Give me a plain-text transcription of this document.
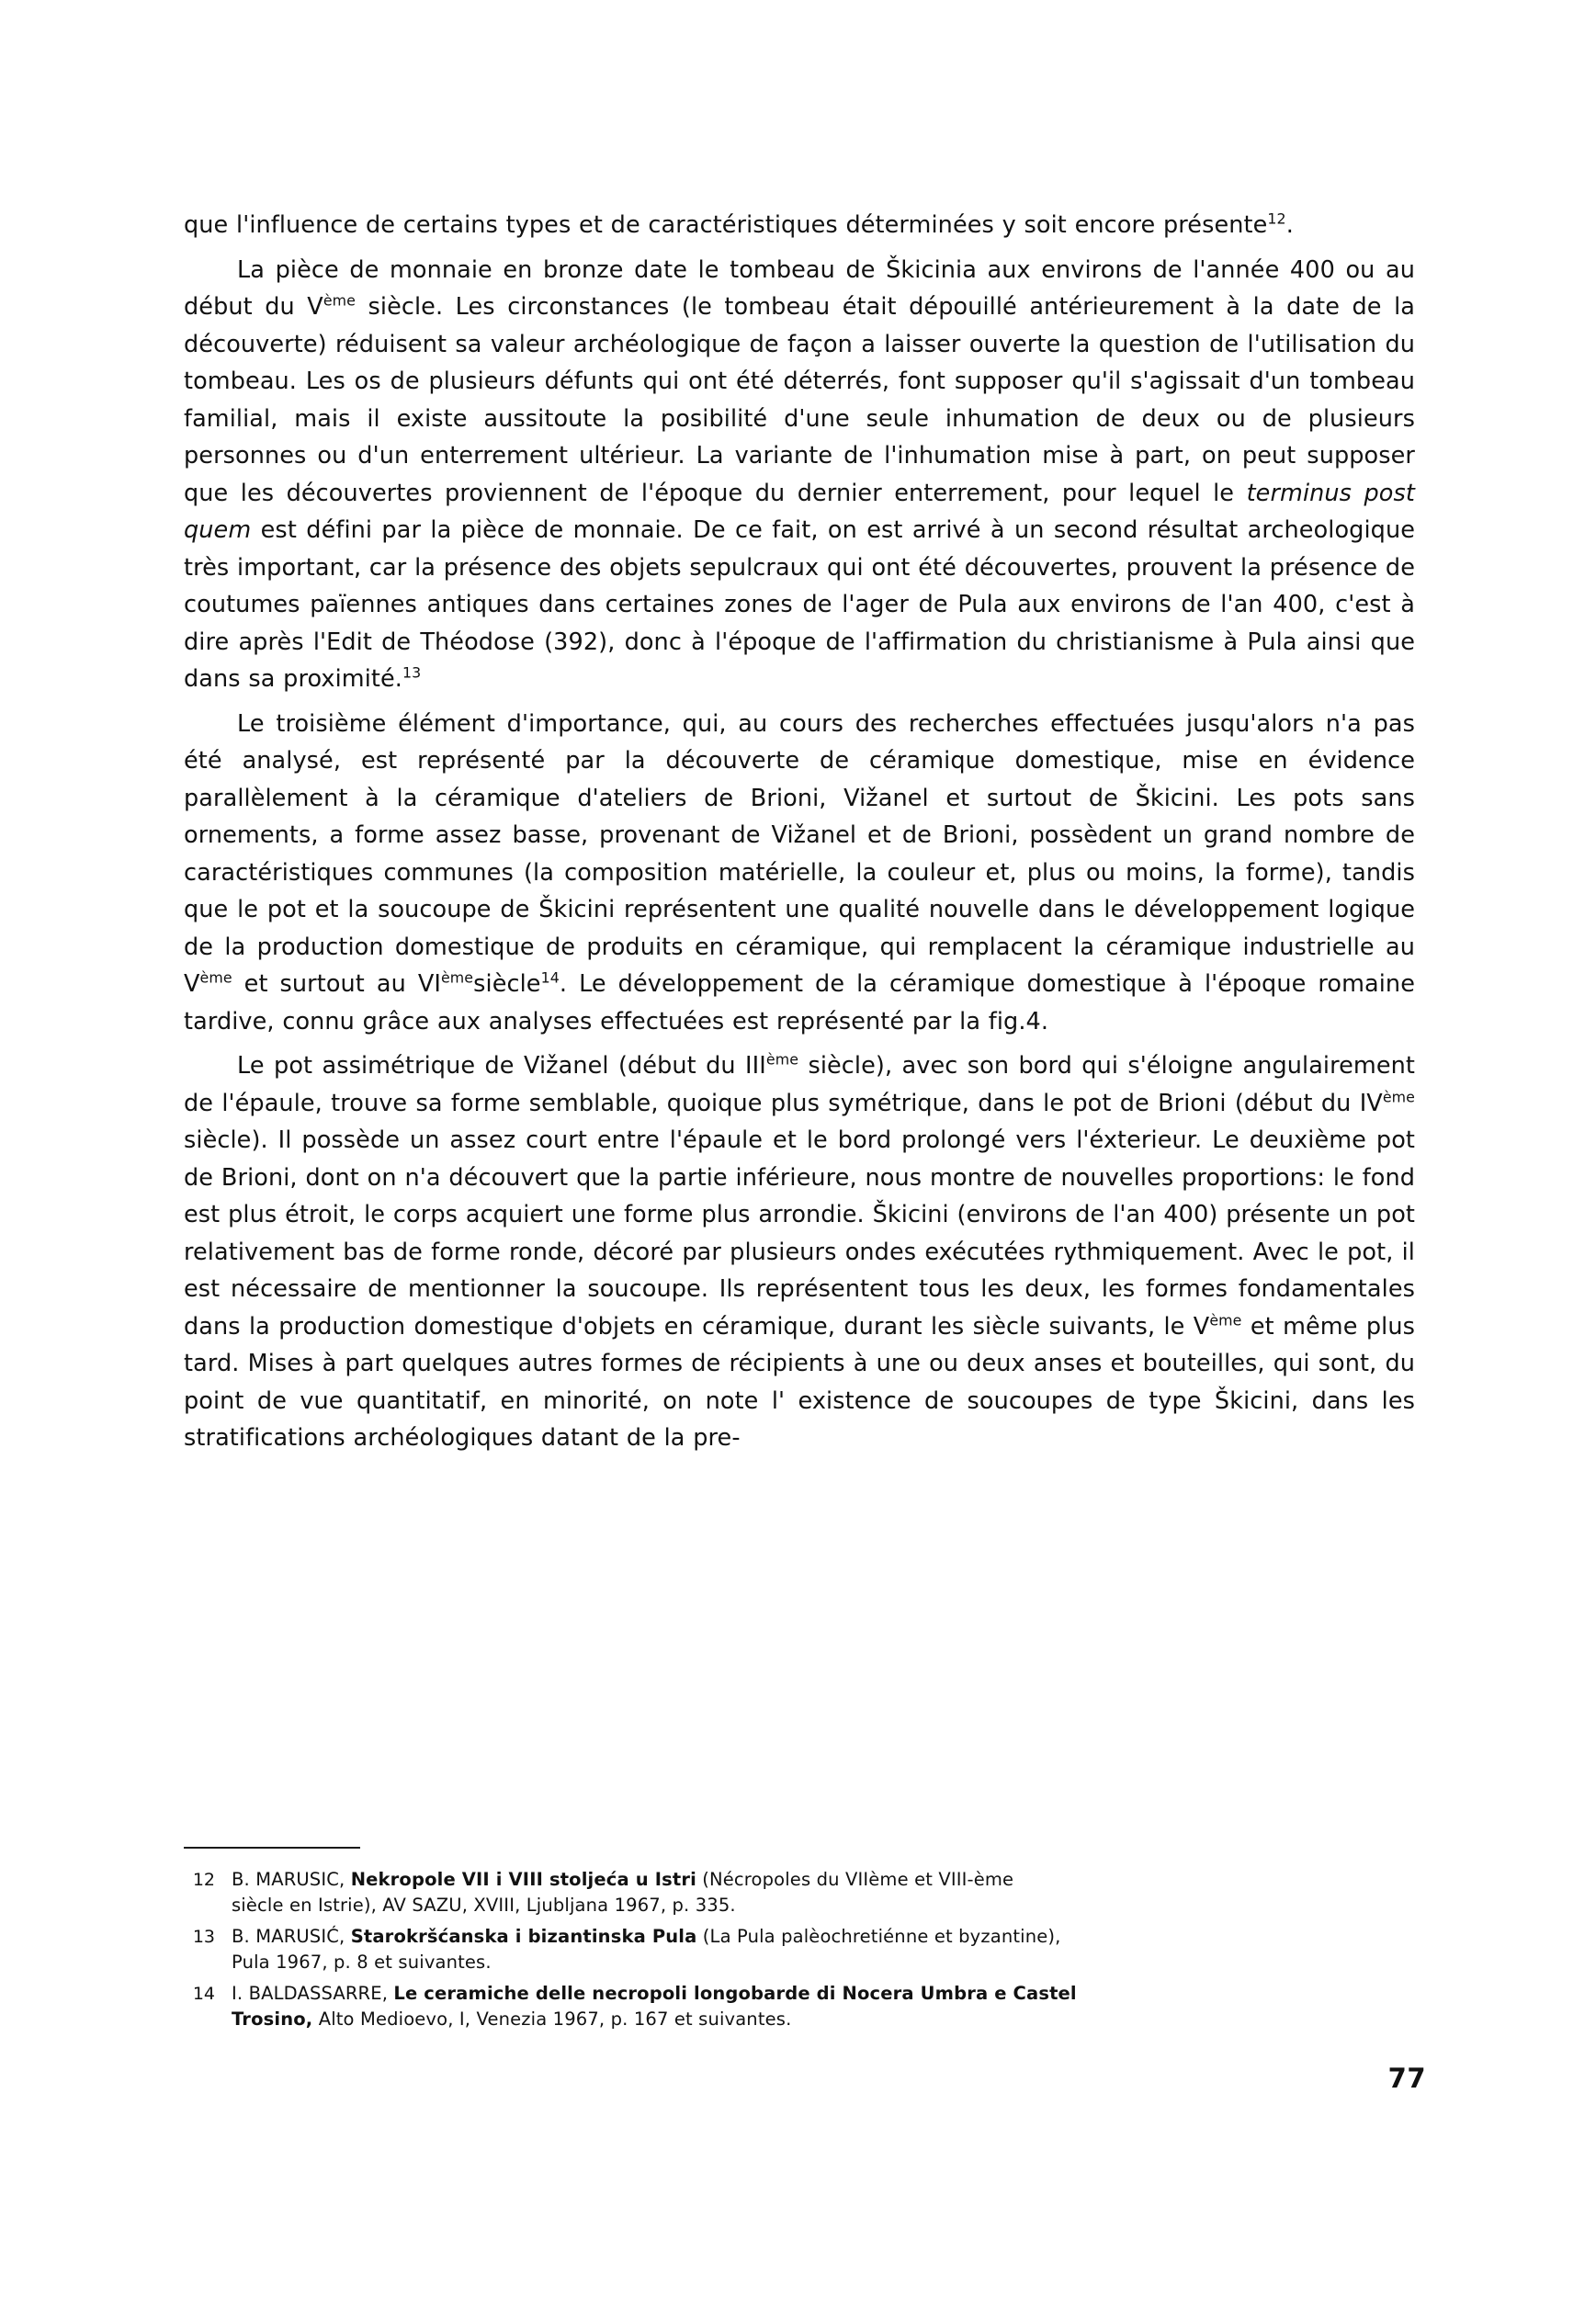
que l'influence de certains types et de caractéristiques déterminées y soit encore présente$^{12}$.

La pièce de monnaie en bronze date le tombeau de Škicinia aux environs de l'année 400 ou au début du Vème siècle. Les circonstances (le tombeau était dépouillé antérieurement à la date de la découverte) réduisent sa valeur archéologique de façon a laisser ouverte la question de l'utilisation du tombeau. Les os de plusieurs défunts qui ont été déterrés, font supposer qu'il s'agissait d'un tombeau familial, mais il existe aussitoute la posibilité d'une seule inhumation de deux ou de plusieurs personnes ou d'un enterrement ultérieur. La variante de l'inhumation mise à part, on peut supposer que les découvertes proviennent de l'époque du dernier enterrement, pour lequel le terminus post quem est défini par la pièce de monnaie. De ce fait, on est arrivé à un second résultat archeologique très important, car la présence des objets sepulcraux qui ont été découvertes, prouvent la présence de coutumes païennes antiques dans certaines zones de l'ager de Pula aux environs de l'an 400, c'est à dire après l'Edit de Théodose (392), donc à l'époque de l'affirmation du christianisme à Pula ainsi que dans sa proximité.$^{13}$

Le troisième élément d'importance, qui, au cours des recherches effectuées jusqu'alors n'a pas été analysé, est représenté par la découverte de céramique domestique, mise en évidence parallèlement à la céramique d'ateliers de Brioni, Vižanel et surtout de Škicini. Les pots sans ornements, a forme assez basse, provenant de Vižanel et de Brioni, possèdent un grand nombre de caractéristiques communes (la composition matérielle, la couleur et, plus ou moins, la forme), tandis que le pot et la soucoupe de Škicini représentent une qualité nouvelle dans le développement logique de la production domestique de produits en céramique, qui remplacent la céramique industrielle au Vème et surtout au VIèmesiècle$^{14}$. Le développement de la céramique domestique à l'époque romaine tardive, connu grâce aux analyses effectuées est représenté par la fig.4.

Le pot assimétrique de Vižanel (début du IIIème siècle), avec son bord qui s'éloigne angulairement de l'épaule, trouve sa forme semblable, quoique plus symétrique, dans le pot de Brioni (début du IVème siècle). Il possède un assez court entre l'épaule et le bord prolongé vers l'éxterieur. Le deuxième pot de Brioni, dont on n'a découvert que la partie inférieure, nous montre de nouvelles proportions: le fond est plus étroit, le corps acquiert une forme plus arrondie. Škicini (environs de l'an 400) présente un pot relativement bas de forme ronde, décoré par plusieurs ondes exécutées rythmiquement. Avec le pot, il est nécessaire de mentionner la soucoupe. Ils représentent tous les deux, les formes fondamentales dans la production domestique d'objets en céramique, durant les siècle suivants, le Vème et même plus tard. Mises à part quelques autres formes de récipients à une ou deux anses et bouteilles, qui sont, du point de vue quantitatif, en minorité, on note l' existence de soucoupes de type Škicini, dans les stratifications archéologiques datant de la pre-

12 B. MARUSIC, Nekropole VII i VIII stoljeća u Istri (Nécropoles du VIIème et VIII-ème
siècle en Istrie), AV SAZU, XVIII, Ljubljana 1967, p. 335.
13 B. MARUSIĆ, Starokršćanska i bizantinska Pula (La Pula palèochretiénne et byzantine),
Pula 1967, p. 8 et suivantes.
14 I. BALDASSARRE, Le ceramiche delle necropoli longobarde di Nocera Umbra e Castel
Trosino, Alto Medioevo, I, Venezia 1967, p. 167 et suivantes.
77
